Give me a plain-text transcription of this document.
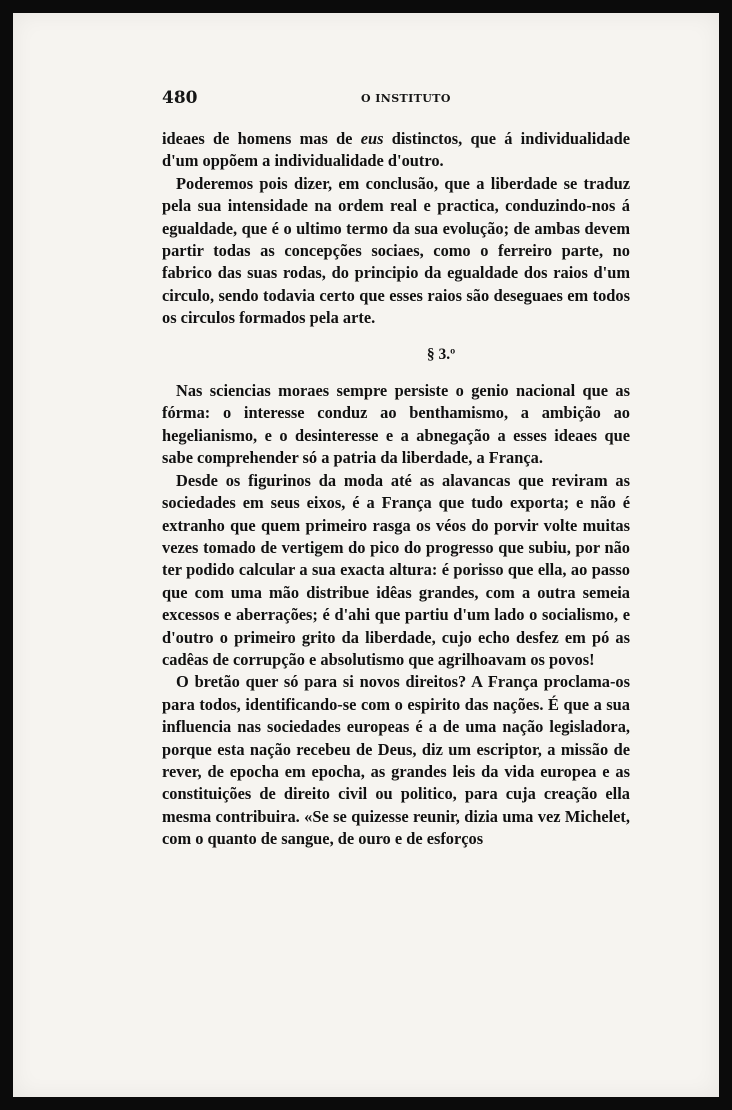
480	O INSTITUTO

ideaes de homens mas de eus distinctos, que á individualidade d'um oppõem a individualidade d'outro.

Poderemos pois dizer, em conclusão, que a liberdade se traduz pela sua intensidade na ordem real e practica, conduzindo-nos á egualdade, que é o ultimo termo da sua evolução; de ambas devem partir todas as concepções sociaes, como o ferreiro parte, no fabrico das suas rodas, do principio da egualdade dos raios d'um circulo, sendo todavia certo que esses raios são deseguaes em todos os circulos formados pela arte.

§ 3.º

Nas sciencias moraes sempre persiste o genio nacional que as fórma: o interesse conduz ao benthamismo, a ambição ao hegelianismo, e o desinteresse e a abnegação a esses ideaes que sabe comprehender só a patria da liberdade, a França.

Desde os figurinos da moda até as alavancas que reviram as sociedades em seus eixos, é a França que tudo exporta; e não é extranho que quem primeiro rasga os véos do porvir volte muitas vezes tomado de vertigem do pico do progresso que subiu, por não ter podido calcular a sua exacta altura: é porisso que ella, ao passo que com uma mão distribue idêas grandes, com a outra semeia excessos e aberrações; é d'ahi que partiu d'um lado o socialismo, e d'outro o primeiro grito da liberdade, cujo echo desfez em pó as cadêas de corrupção e absolutismo que agrilhoavam os povos!

O bretão quer só para si novos direitos? A França proclama-os para todos, identificando-se com o espirito das nações. É que a sua influencia nas sociedades europeas é a de uma nação legisladora, porque esta nação recebeu de Deus, diz um escriptor, a missão de rever, de epocha em epocha, as grandes leis da vida europea e as constituições de direito civil ou politico, para cuja creação ella mesma contribuira. «Se se quizesse reunir, dizia uma vez Michelet, com o quanto de sangue, de ouro e de esforços
